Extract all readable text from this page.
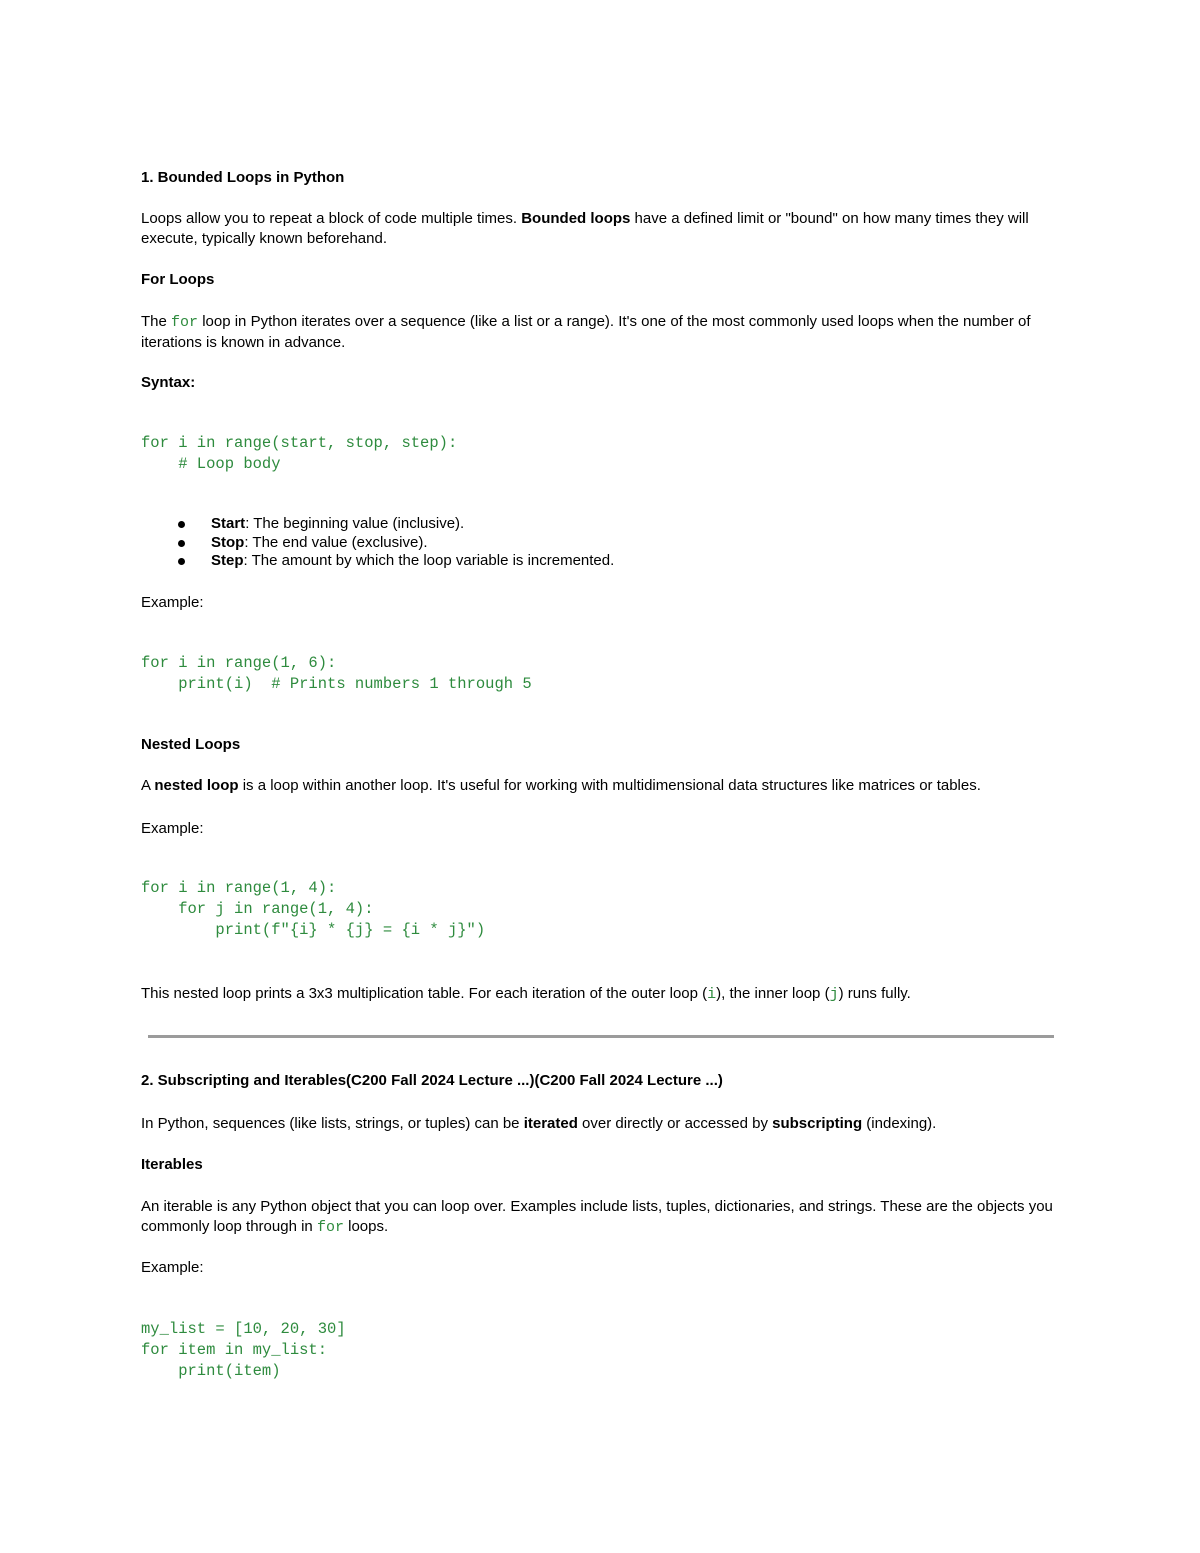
1. Bounded Loops in Python

Loops allow you to repeat a block of code multiple times. Bounded loops have a defined limit or "bound" on how many times they will execute, typically known beforehand.

For Loops

The for loop in Python iterates over a sequence (like a list or a range). It's one of the most commonly used loops when the number of iterations is known in advance.

Syntax:

for i in range(start, stop, step):
# Loop body

Start: The beginning value (inclusive).
Stop: The end value (exclusive).
Step: The amount by which the loop variable is incremented.

Example:

for i in range(1, 6):
print(i)  # Prints numbers 1 through 5

Nested Loops

A nested loop is a loop within another loop. It's useful for working with multidimensional data structures like matrices or tables.

Example:

for i in range(1, 4):
for j in range(1, 4):
print(f"{i} * {j} = {i * j}")

This nested loop prints a 3x3 multiplication table. For each iteration of the outer loop (i), the inner loop (j) runs fully.

2. Subscripting and Iterables(C200 Fall 2024 Lecture ...)(C200 Fall 2024 Lecture ...)

In Python, sequences (like lists, strings, or tuples) can be iterated over directly or accessed by subscripting (indexing).

Iterables

An iterable is any Python object that you can loop over. Examples include lists, tuples, dictionaries, and strings. These are the objects you commonly loop through in for loops.

Example:

my_list = [10, 20, 30]
for item in my_list:
print(item)
